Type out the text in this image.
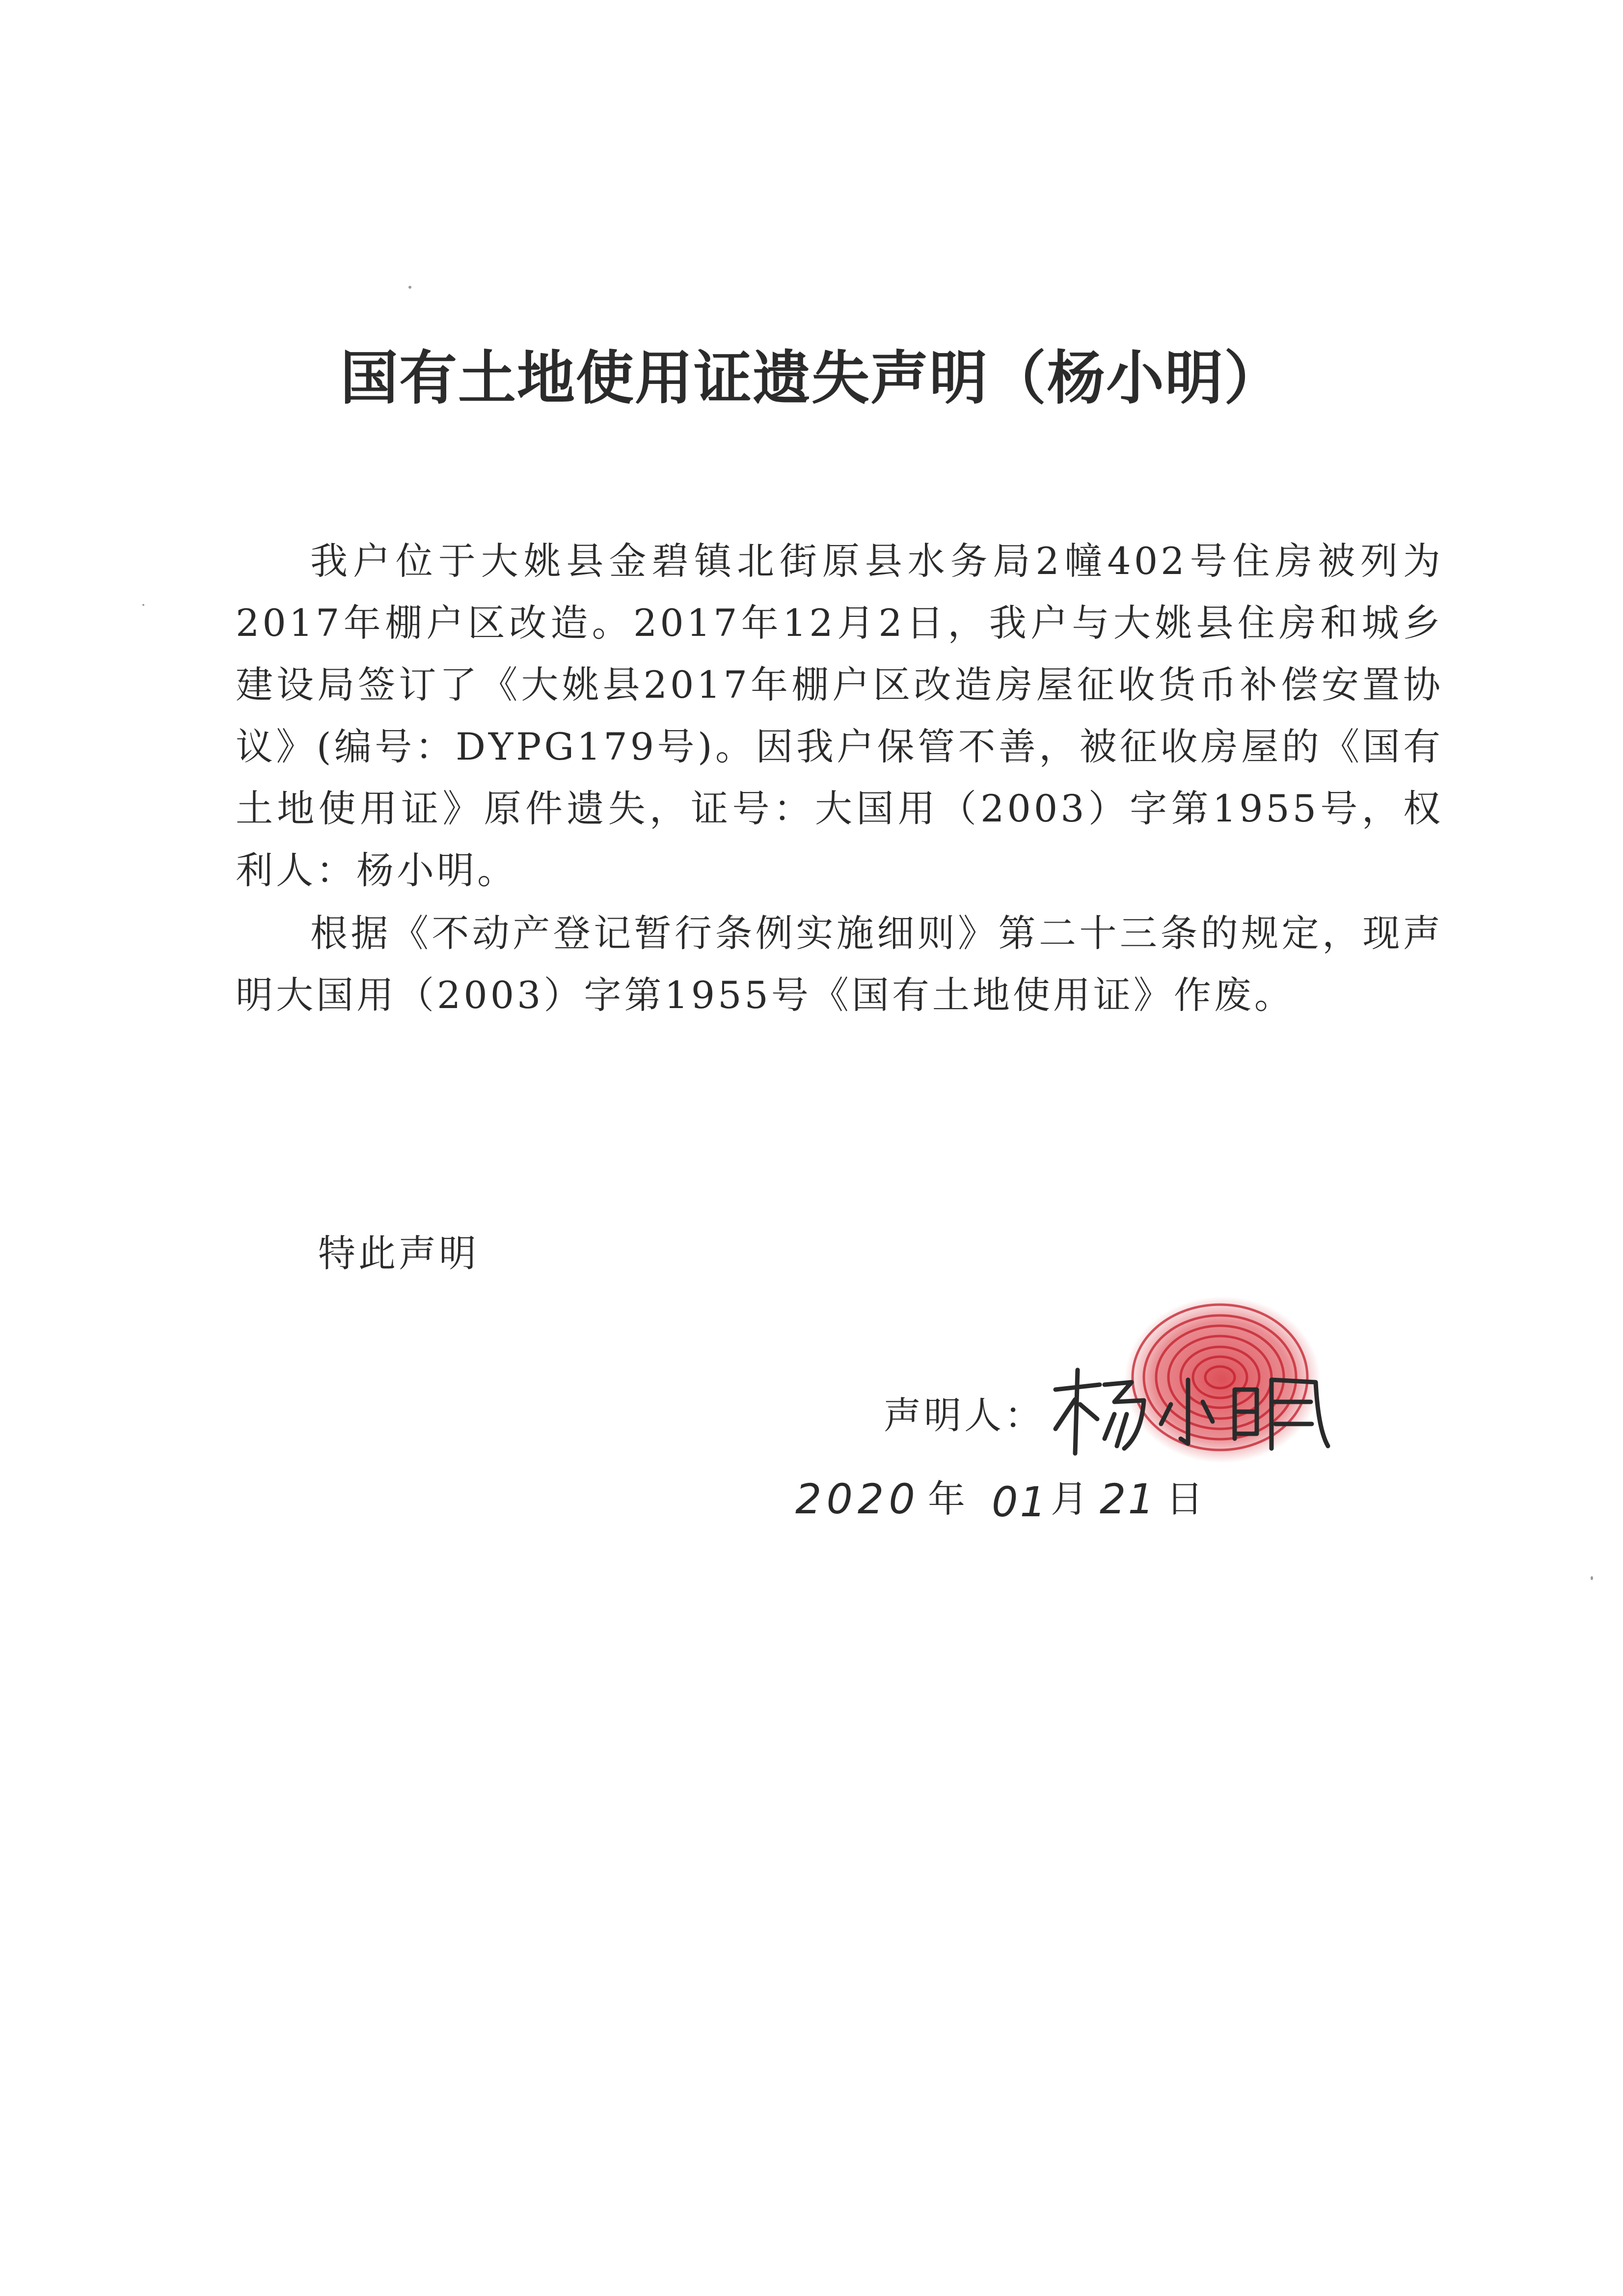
国有土地使用证遗失声明（杨小明）

我户位于大姚县金碧镇北街原县水务局2幢402号住房被列为2017年棚户区改造。2017年12月2日，我户与大姚县住房和城乡建设局签订了《大姚县2017年棚户区改造房屋征收货币补偿安置协议》(编号：DYPG179号)。因我户保管不善，被征收房屋的《国有土地使用证》原件遗失，证号：大国用（2003）字第1955号，权利人：杨小明。

根据《不动产登记暂行条例实施细则》第二十三条的规定，现声明大国用（2003）字第1955号《国有土地使用证》作废。

特此声明
声明人：
2020 年 01 月 21 日
